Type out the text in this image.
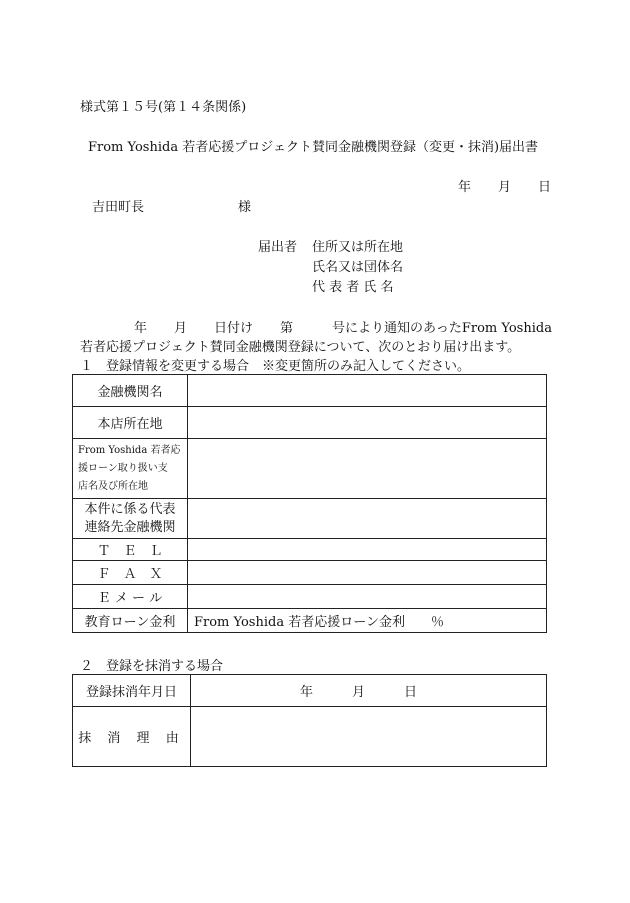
様式第１５号(第１４条関係)
From Yoshida 若者応援プロジェクト賛同金融機関登録（変更・抹消)届出書
年 月 日
吉田町長	様
届出者 住所又は所在地
氏名又は団体名
代 表 者 氏 名
年 月 日付け 第	号により通知のあったFrom Yoshida
若者応援プロジェクト賛同金融機関登録について、次のとおり届け出ます。
１　登録情報を変更する場合　※変更箇所のみ記入してください。
金融機関名	
本店所在地	

From Yoshida 若者応
援ローン取り扱い支
店名及び所在地	

本件に係る代表
連絡先金融機関	

Ｔ　Ｅ　Ｌ	
Ｆ　Ａ　Ｘ	
Ｅ メ ー ル	
教育ローン金利	From Yoshida 若者応援ローン金利　　％
２　登録を抹消する場合
登録抹消年月日	年　　　月　　　日
抹 消 理 由	
